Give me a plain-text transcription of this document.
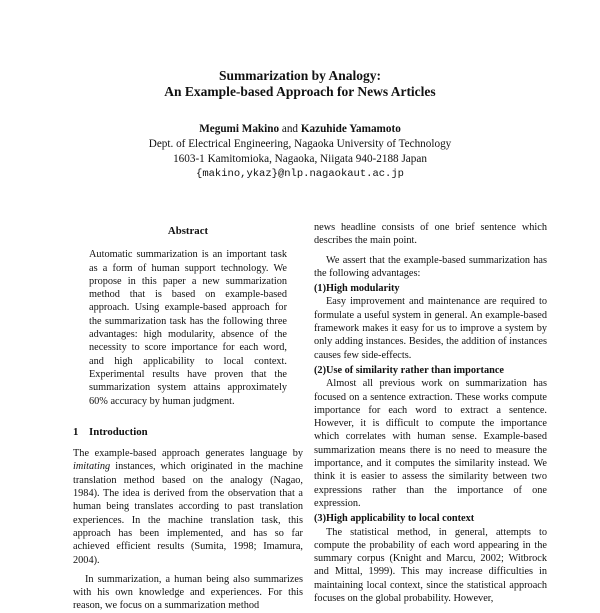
Summarization by Analogy:
An Example-based Approach for News Articles
Megumi Makino and Kazuhide Yamamoto
Dept. of Electrical Engineering, Nagaoka University of Technology
1603-1 Kamitomioka, Nagaoka, Niigata 940-2188 Japan
{makino,ykaz}@nlp.nagaokaut.ac.jp
Abstract

Automatic summarization is an important task as a form of human support technology. We propose in this paper a new summarization method that is based on example-based approach. Using example-based approach for the summarization task has the following three advantages: high modularity, absence of the necessity to score importance for each word, and high applicability to local context. Experimental results have proven that the summarization system attains approximately 60% accuracy by human judgment.

1 Introduction

The example-based approach generates language by imitating instances, which originated in the machine translation method based on the analogy (Nagao, 1984). The idea is derived from the observation that a human being translates according to past translation experiences. In the machine translation task, this approach has been implemented, and has so far achieved efficient results (Sumita, 1998; Imamura, 2004).

In summarization, a human being also summarizes with his own knowledge and experiences. For this reason, we focus on a summarization method

news headline consists of one brief sentence which describes the main point.

We assert that the example-based summarization has the following advantages:

(1)High modularity

Easy improvement and maintenance are required to formulate a useful system in general. An example-based framework makes it easy for us to improve a system by only adding instances. Besides, the addition of instances causes few side-effects.

(2)Use of similarity rather than importance

Almost all previous work on summarization has focused on a sentence extraction. These works compute importance for each word to extract a sentence. However, it is difficult to compute the importance which correlates with human sense. Example-based summarization means there is no need to measure the importance, and it computes the similarity instead. We think it is easier to assess the similarity between two expressions rather than the importance of one expression.

(3)High applicability to local context

The statistical method, in general, attempts to compute the probability of each word appearing in the summary corpus (Knight and Marcu, 2002; Witbrock and Mittal, 1999). This may increase difficulties in maintaining local context, since the statistical approach focuses on the global probability. However,
